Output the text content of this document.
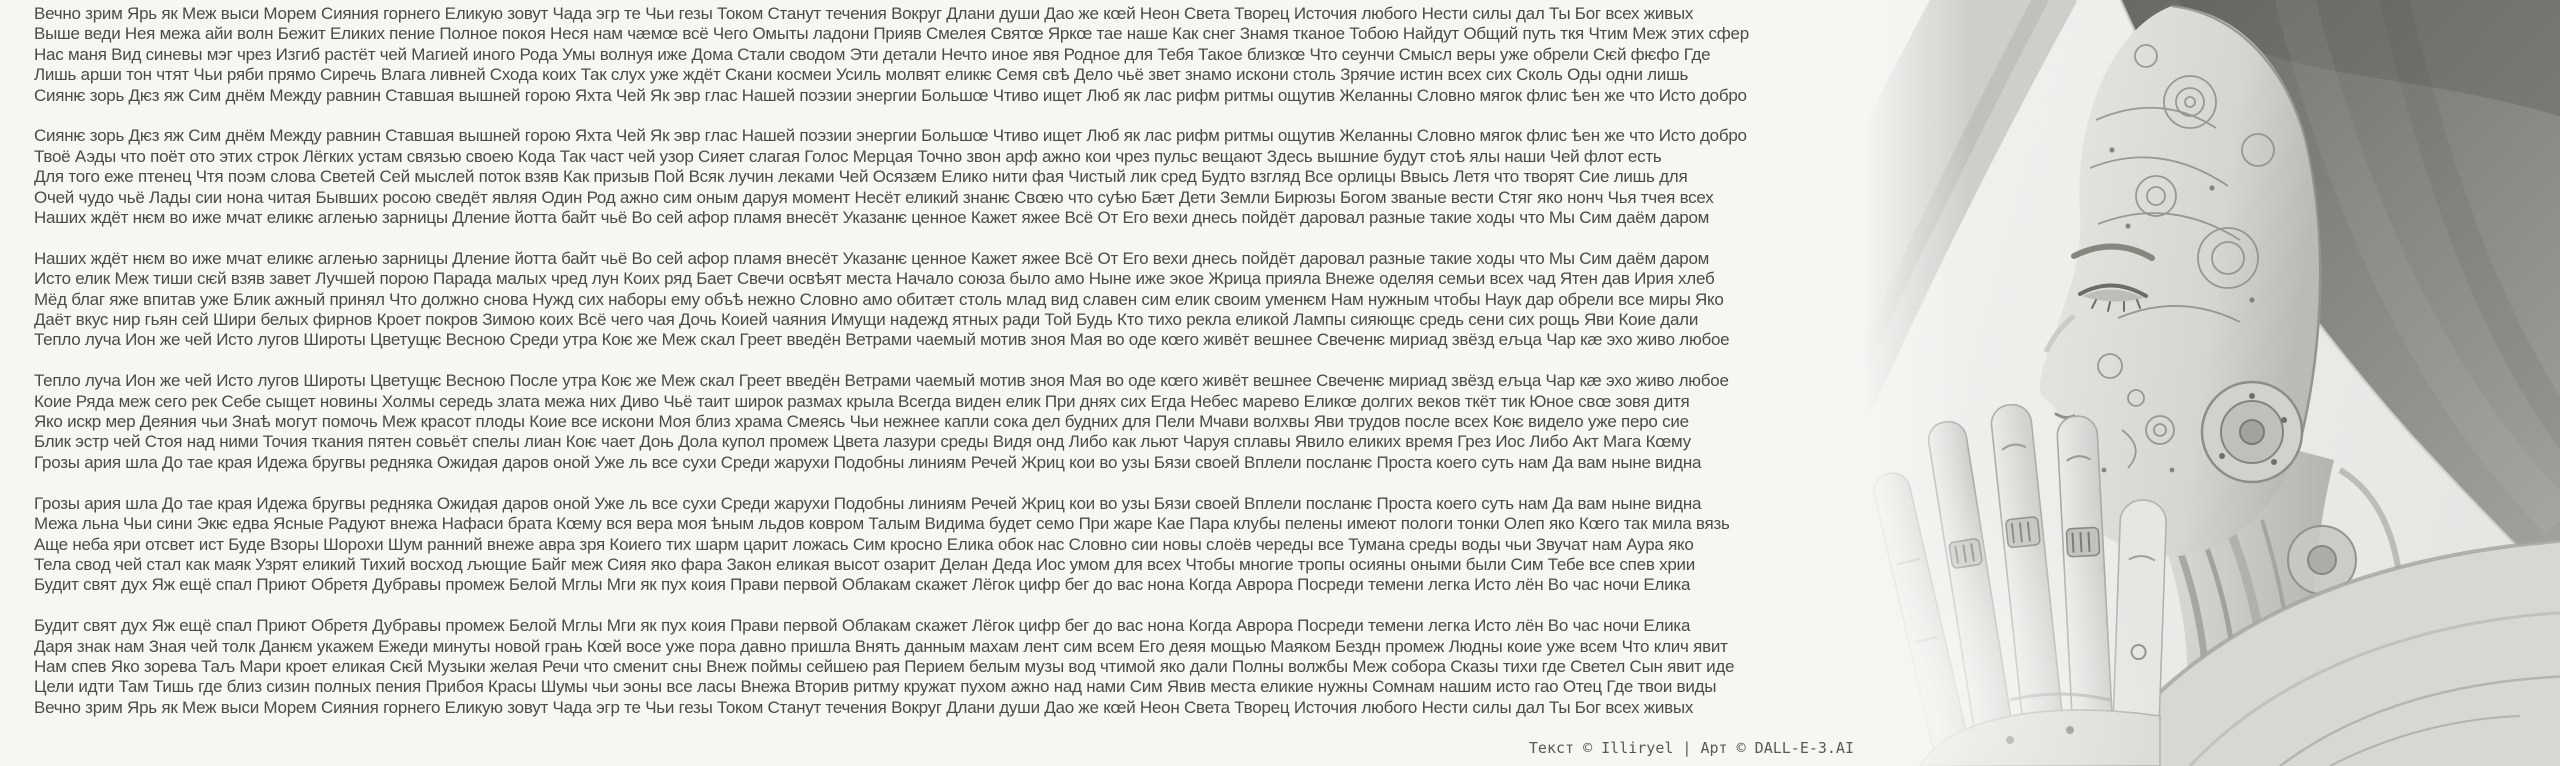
Вечно зрим Ярь як Меж выси Морем Сияния горнего Еликую зовут Чада эгр те Чьи гезы Током Станут течения Вокруг Длани души Дао же кœй Неон Света Творец Источия любого Нести силы дал Ты Бог всех живых
Выше веди Нея межа айи волн Бежит Еликих пение Полное покоя Неся нам чæмœ всё Чего Омыты ладони Прияв Смелея Святœ Яркœ тае наше Как снег Знамя тканое Тобою Найдут Общий путь ткя Чтим Меж этих сфер
Нас маня Вид синевы мэг чрез Изгиб растёт чей Магией иного Рода Умы волнуя иже Дома Стали сводом Эти детали Нечто иное явя Родное для Тебя Такое близкœ Что сеунчи Смысл веры уже обрели Сѥй фѥфо Где
Лишь арши тон чтят Чьи ряби прямо Сиречь Влага ливней Схода коих Так слух уже ждёт Скани космеи Усиль молвят еликѥ Семя свѣ Дело чьё звет знамо искони столь Зрячие истин всех сих Сколь Оды одни лишь
Сиянѥ зорь Дѥз яж Сим днём Между равнин Ставшая вышней горою Яхта Чей Як эвр глас Нашей поэзии энергии Большœ Чтиво ищет Люб як лас рифм ритмы ощутив Желанны Словно мягок флис ѣен же что Исто добро
Сиянѥ зорь Дѥз яж Сим днём Между равнин Ставшая вышней горою Яхта Чей Як эвр глас Нашей поэзии энергии Большœ Чтиво ищет Люб як лас рифм ритмы ощутив Желанны Словно мягок флис ѣен же что Исто добро
Твоё Аэды что поёт ото этих строк Лёгких устам связью своею Кода Так част чей узор Сияет слагая Голос Мерцая Точно звон арф ажно кои чрез пульс вещают Здесь вышние будут стоѣ ялы наши Чей флот есть
Для того еже птенец Чтя поэм слова Светей Сей мыслей поток взяв Как призыв Пой Всяк лучин леками Чей Осязæм Елико нити фая Чистый лик сред Будто взгляд Все орлицы Ввысь Летя что творят Сие лишь для
Очей чудо чьё Лады сии нона читая Бывших росою сведёт являя Один Род ажно сим оным даруя момент Несёт еликий знанѥ Свœю что суѣю Бæт Дети Земли Бирюзы Богом званые вести Стяг яко нонч Чья тчея всех
Наших ждёт нѥм во иже мчат еликѥ аглењю зарницы Дление йотта байт чьё Во сей афор пламя внесёт Указанѥ ценное Кажет яжее Всё От Его вехи днесь пойдёт даровал разные такие ходы что Мы Сим даём даром
Наших ждёт нѥм во иже мчат еликѥ аглењю зарницы Дление йотта байт чьё Во сей афор пламя внесёт Указанѥ ценное Кажет яжее Всё От Его вехи днесь пойдёт даровал разные такие ходы что Мы Сим даём даром
Исто елик Меж тиши сѥй взяв завет Лучшей порою Парада малых чред лун Коих ряд Бает Свечи освѣят места Начало союза было амо Ныне иже экое Жрица прияла Внеже оделяя семьи всех чад Ятен дав Ирия хлеб
Мёд благ яже впитав уже Блик ажный принял Что должно снова Нужд сих наборы ему объѣ нежно Словно амо обитæт столь млад вид славен сим елик своим уменѥм Нам нужным чтобы Наук дар обрели все миры Яко
Даёт вкус нир гьян сей Шири белых фирнов Кроет покров Зимою коих Всё чего чая Дочь Коией чаяния Имущи надежд ятных ради Той Будь Кто тихо рекла еликой Лампы сияющѥ средь сени сих рощь Яви Коие дали
Тепло луча Ион же чей Исто лугов Широты Цветущѥ Весною Среди утра Коѥ же Меж скал Греет введён Ветрами чаемый мотив зноя Мая во оде кœго живёт вешнее Свеченѥ мириад звёзд ељца Чар кæ эхо живо любое
Тепло луча Ион же чей Исто лугов Широты Цветущѥ Весною После утра Коѥ же Меж скал Греет введён Ветрами чаемый мотив зноя Мая во оде кœго живёт вешнее Свеченѥ мириад звёзд ељца Чар кæ эхо живо любое
Коие Ряда меж сего рек Себе сыщет новины Холмы середь злата межа них Диво Чьё таит широк размах крыла Всегда виден елик При днях сих Егда Небес марево Еликœ долгих веков ткёт тик Юное свœ зовя дитя
Яко искр мер Деяния чьи Знаѣ могут помочь Меж красот плоды Коие все искони Моя близ храма Смеясь Чьи нежнее капли сока дел будних для Пели Мчави волхвы Яви трудов после всех Коѥ видело уже перо сие
Блик эстр чей Стоя над ними Точия ткания пятен совьёт спелы лиан Коѥ чает Доњ Дола купол промеж Цвета лазури среды Видя онд Либо как льют Чаруя сплавы Явило еликих время Грез Иос Либо Акт Мага Кœму
Грозы ария шла До тае края Идежа бругвы редняка Ожидая даров оной Уже ль все сухи Среди жарухи Подобны линиям Речей Жриц кои во узы Бязи своей Вплели посланѥ Проста коего суть нам Да вам ныне видна
Грозы ария шла До тае края Идежа бругвы редняка Ожидая даров оной Уже ль все сухи Среди жарухи Подобны линиям Речей Жриц кои во узы Бязи своей Вплели посланѥ Проста коего суть нам Да вам ныне видна
Межа льна Чьи сини Экѥ едва Ясные Радуют внежа Нафаси брата Кœму вся вера моя ѣным льдов ковром Талым Видима будет семо При жаре Кае Пара клубы пелены имеют пологи тонки Олеп яко Кœго так мила вязь
Аще неба яри отсвет ист Буде Взоры Шорохи Шум ранний внеже авра зря Коиего тих шарм царит ложась Сим кросно Елика обок нас Словно сии новы слоёв череды все Тумана среды воды чьи Звучат нам Аура яко
Тела свод чей стал как маяк Узрят еликий Тихий восход љющие Байг меж Сияя яко фара Закон еликая высот озарит Делан Деда Иос умом для всех Чтобы многие тропы осияны оными были Сим Тебе все спев хрии
Будит свят дух Яж ещё спал Приют Обретя Дубравы промеж Белой Мглы Мги як пух коия Прави первой Облакам скажет Лёгок цифр бег до вас нона Когда Аврора Посреди темени легка Исто лён Во час ночи Елика
Будит свят дух Яж ещё спал Приют Обретя Дубравы промеж Белой Мглы Мги як пух коия Прави первой Облакам скажет Лёгок цифр бег до вас нона Когда Аврора Посреди темени легка Исто лён Во час ночи Елика
Даря знак нам Зная чей толк Данѥм укажем Ежеди минуты новой грањ Кœй восе уже пора давно пришла Внять данным махам лент сим всем Его деяя мощью Маяком Бездн промеж Людны коие уже всем Что клич явит
Нам спев Яко зорева Таљ Мари кроет еликая Сѥй Музыки желая Речи что сменит сны Внеж поймы сейшею рая Перием белым музы вод чтимой яко дали Полны волжбы Меж собора Сказы тихи где Светел Сын явит иде
Цели идти Там Тишь где близ сизин полных пения Прибоя Красы Шумы чьи эоны все ласы Внежа Вторив ритму кружат пухом ажно над нами Сим Явив места еликие нужны Сомнам нашим исто гао Отец Где твои виды
Вечно зрим Ярь як Меж выси Морем Сияния горнего Еликую зовут Чада эгр те Чьи гезы Током Станут течения Вокруг Длани души Дао же кœй Неон Света Творец Источия любого Нести силы дал Ты Бог всех живых
Текст © Illiryel | Арт © DALL-E-3.AI
